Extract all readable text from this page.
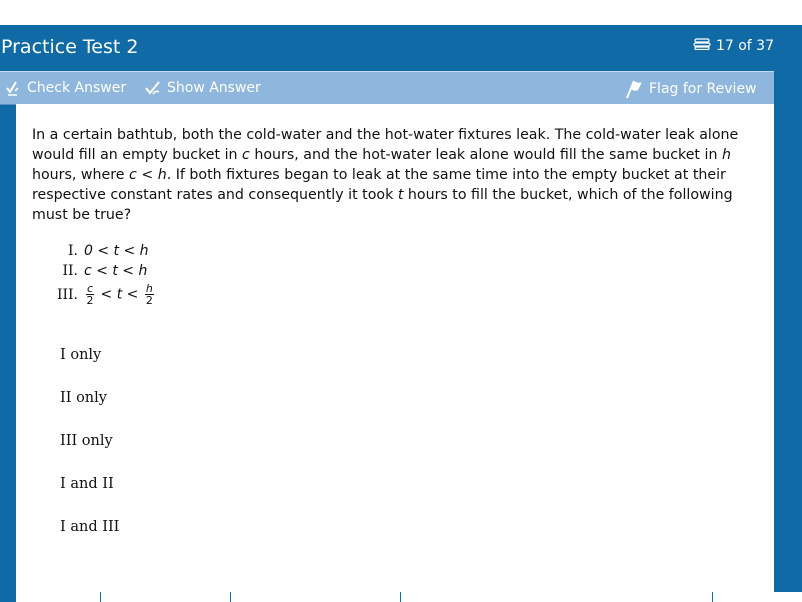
Practice Test 2	17 of 37
Check Answer	Show Answer	Flag for Review

In a certain bathtub, both the cold-water and the hot-water fixtures leak. The cold-water leak alone would fill an empty bucket in c hours, and the hot-water leak alone would fill the same bucket in h hours, where c < h. If both fixtures began to leak at the same time into the empty bucket at their respective constant rates and consequently it took t hours to fill the bucket, which of the following must be true?

I. 0 < t < h
II. c < t < h
III. $\frac{c}{2} < t < \frac{h}{2}$
I only
II only
III only
I and II
I and III
